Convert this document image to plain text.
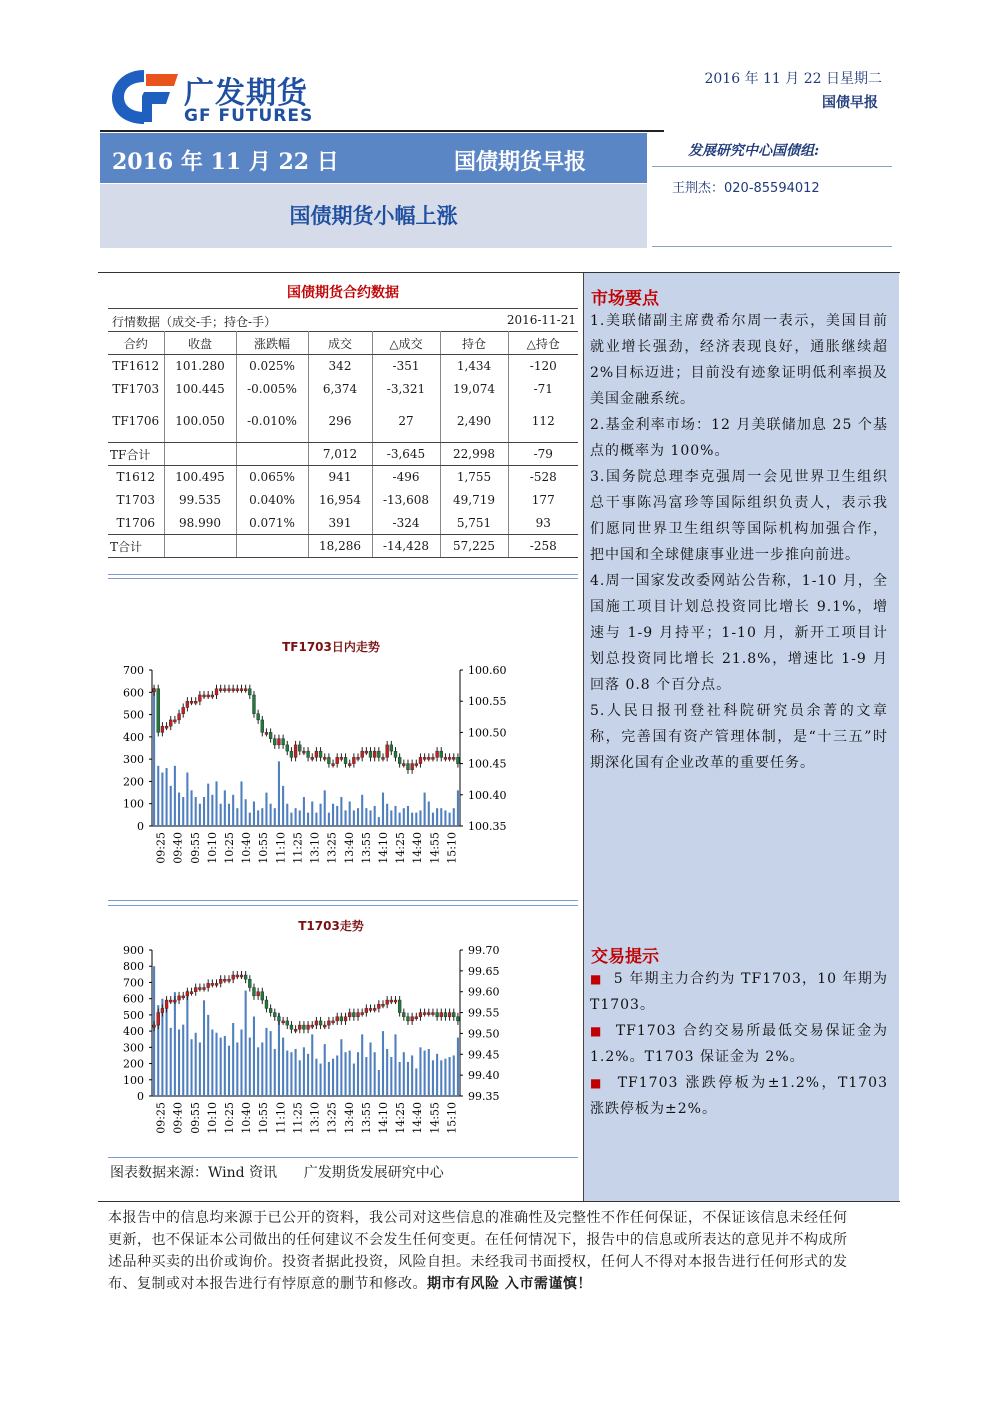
广发期货
GF FUTURES
2016 年 11 月 22 日星期二
国债早报
2016 年 11 月 22 日	国债期货早报
国债期货小幅上涨
发展研究中心国债组:
王荆杰：020-85594012
国债期货合约数据
行情数据（成交-手；持仓-手）	2016-11-21
合约	收盘	涨跌幅	成交	△成交	持仓	△持仓
TF1612	101.280	0.025%	342	-351	1,434	-120
TF1703	100.445	-0.005%	6,374	-3,321	19,074	-71
TF1706	100.050	-0.010%	296	27	2,490	112
TF合计			7,012	-3,645	22,998	-79
T1612	100.495	0.065%	941	-496	1,755	-528
T1703	99.535	0.040%	16,954	-13,608	49,719	177
T1706	98.990	0.071%	391	-324	5,751	93
T合计			18,286	-14,428	57,225	-258
TF1703日内走势
0
100
200
300
400
500
600
700
100.35
100.40
100.45
100.50
100.55
100.60
09:25 09:40 09:55 10:10 10:25 10:40 10:55 11:10 11:25 13:10 13:25 13:40 13:55 14:10 14:25 14:40 14:55 15:10
T1703走势
0
100
200
300
400
500
600
700
800
900
99.35
99.40
99.45
99.50
99.55
99.60
99.65
99.70
09:25 09:40 09:55 10:10 10:25 10:40 10:55 11:10 11:25 13:10 13:25 13:40 13:55 14:10 14:25 14:40 14:55 15:10
图表数据来源：Wind 资讯      广发期货发展研究中心
市场要点

1.美联储副主席费希尔周一表示，美国目前就业增长强劲，经济表现良好，通胀继续超 2%目标迈进；目前没有迹象证明低利率损及美国金融系统。

2.基金利率市场：12 月美联储加息 25 个基点的概率为 100%。

3.国务院总理李克强周一会见世界卫生组织总干事陈冯富珍等国际组织负责人，表示我们愿同世界卫生组织等国际机构加强合作，把中国和全球健康事业进一步推向前进。

4.周一国家发改委网站公告称，1-10 月，全国施工项目计划总投资同比增长 9.1%，增速与 1-9 月持平；1-10 月，新开工项目计划总投资同比增长 21.8%，增速比 1-9 月回落 0.8 个百分点。

5.人民日报刊登社科院研究员余菁的文章称，完善国有资产管理体制，是“十三五”时期深化国有企业改革的重要任务。

交易提示

■ 5 年期主力合约为 TF1703，10 年期为 T1703。

■ TF1703 合约交易所最低交易保证金为 1.2%。T1703 保证金为 2%。

■ TF1703 涨跌停板为±1.2%，T1703 涨跌停板为±2%。

本报告中的信息均来源于已公开的资料，我公司对这些信息的准确性及完整性不作任何保证，不保证该信息未经任何更新，也不保证本公司做出的任何建议不会发生任何变更。在任何情况下，报告中的信息或所表达的意见并不构成所述品种买卖的出价或询价。投资者据此投资，风险自担。未经我司书面授权，任何人不得对本报告进行任何形式的发布、复制或对本报告进行有悖原意的删节和修改。期市有风险 入市需谨慎！
